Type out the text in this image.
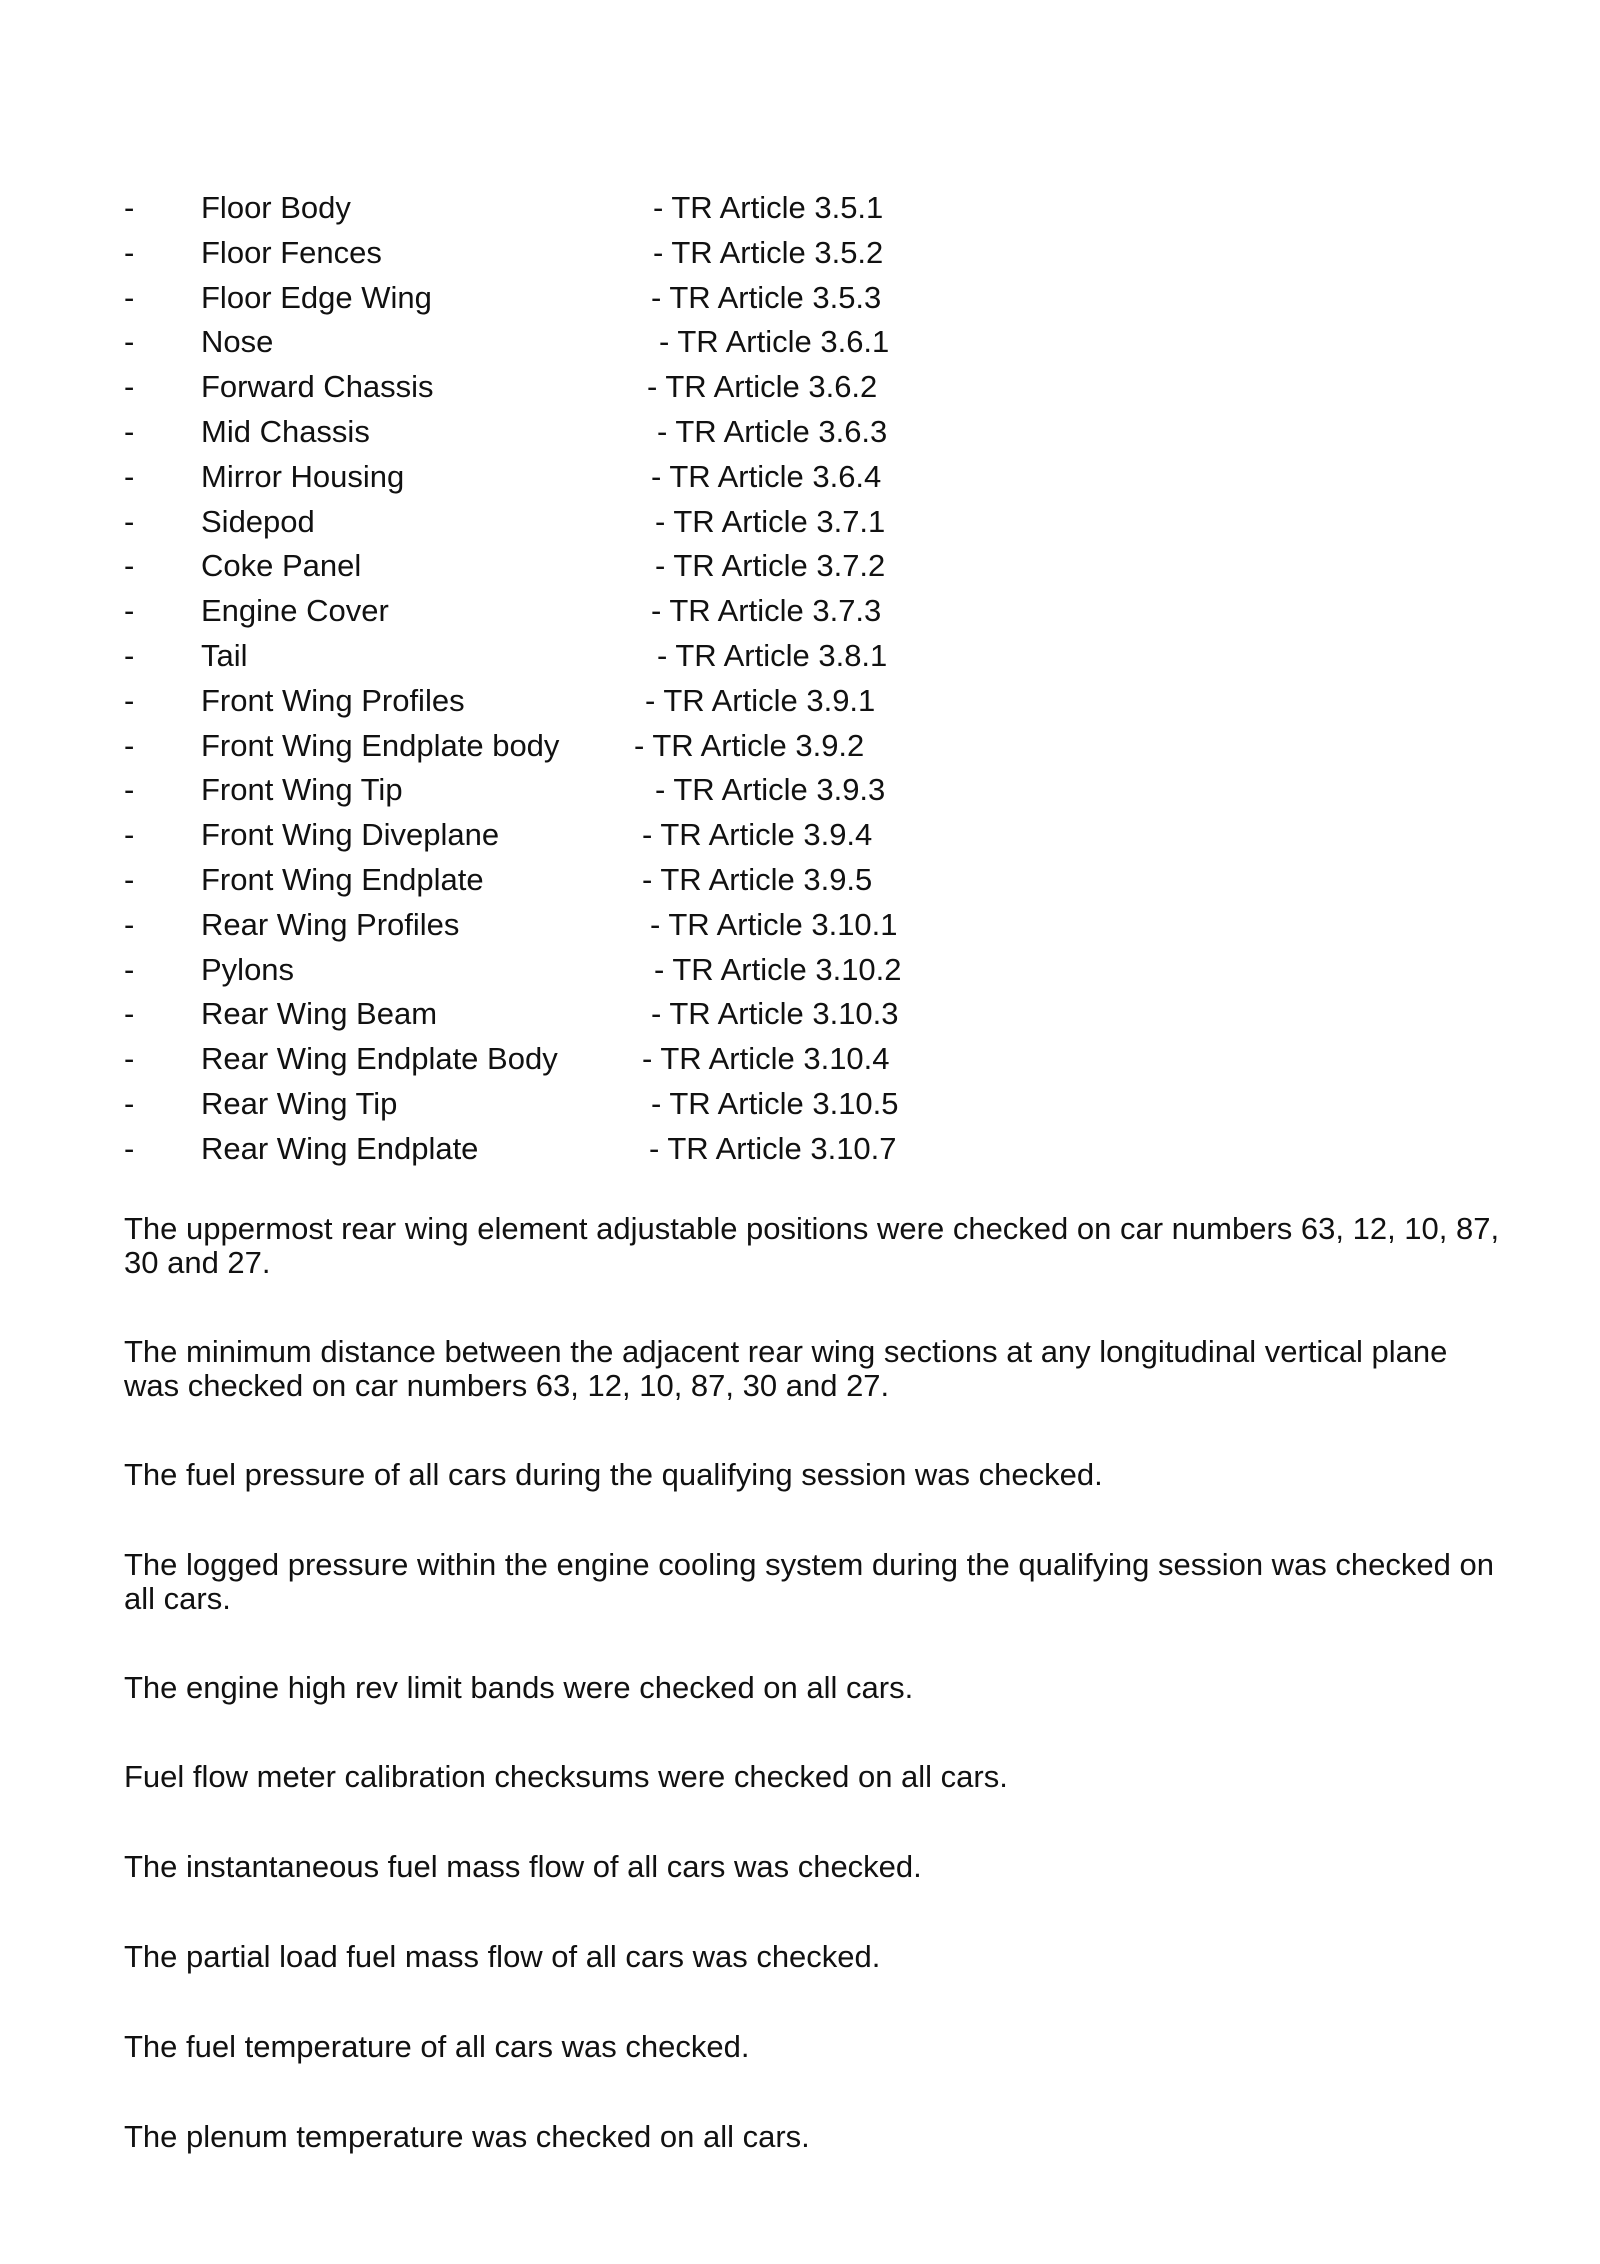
- Floor Body	- TR Article 3.5.1
- Floor Fences	- TR Article 3.5.2
- Floor Edge Wing	- TR Article 3.5.3
- Nose	- TR Article 3.6.1
- Forward Chassis	- TR Article 3.6.2
- Mid Chassis	- TR Article 3.6.3
- Mirror Housing	- TR Article 3.6.4
- Sidepod	- TR Article 3.7.1
- Coke Panel	- TR Article 3.7.2
- Engine Cover	- TR Article 3.7.3
- Tail	- TR Article 3.8.1
- Front Wing Profiles	- TR Article 3.9.1
- Front Wing Endplate body - TR Article 3.9.2
- Front Wing Tip	- TR Article 3.9.3
- Front Wing Diveplane	- TR Article 3.9.4
- Front Wing Endplate	- TR Article 3.9.5
- Rear Wing Profiles	- TR Article 3.10.1
- Pylons	- TR Article 3.10.2
- Rear Wing Beam	- TR Article 3.10.3
- Rear Wing Endplate Body	- TR Article 3.10.4
- Rear Wing Tip	- TR Article 3.10.5
- Rear Wing Endplate	- TR Article 3.10.7

The uppermost rear wing element adjustable positions were checked on car numbers 63, 12, 10, 87, 30 and 27.

The minimum distance between the adjacent rear wing sections at any longitudinal vertical plane was checked on car numbers 63, 12, 10, 87, 30 and 27.

The fuel pressure of all cars during the qualifying session was checked.

The logged pressure within the engine cooling system during the qualifying session was checked on all cars.

The engine high rev limit bands were checked on all cars.

Fuel flow meter calibration checksums were checked on all cars.

The instantaneous fuel mass flow of all cars was checked.

The partial load fuel mass flow of all cars was checked.

The fuel temperature of all cars was checked.

The plenum temperature was checked on all cars.
